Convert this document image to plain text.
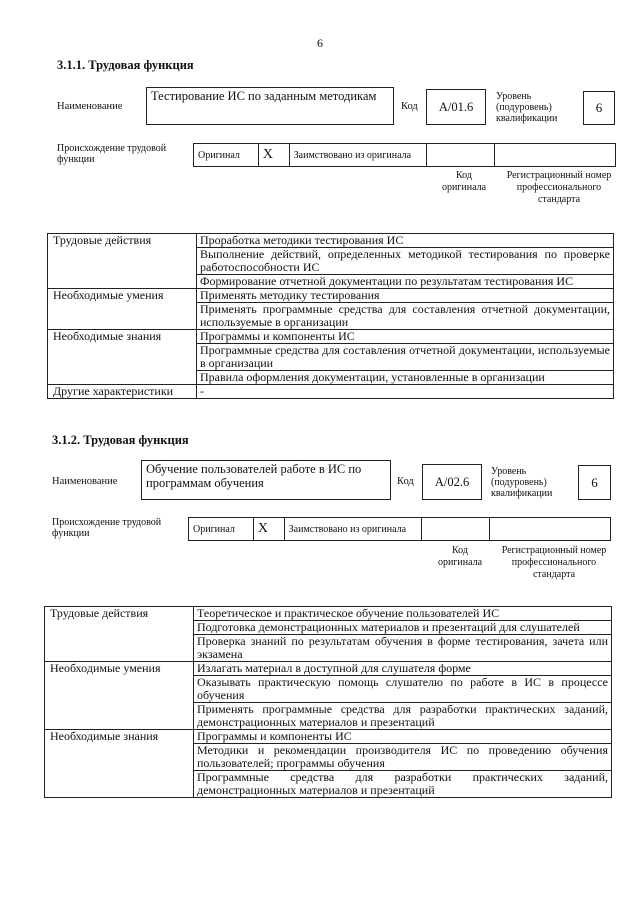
6
3.1.1. Трудовая функция
Наименование
Тестирование ИС по заданным методикам
Код	A/01.6
Уровень (подуровень) квалификации
6
Происхождение трудовой функции	Оригинал	X	Заимствовано из оригинала		
Код оригинала
Регистрационный номер профессионального стандарта
Трудовые действия	Проработка методики тестирования ИС
	Выполнение действий, определенных методикой тестирования по проверке работоспособности ИС
	Формирование отчетной документации по результатам тестирования ИС
Необходимые умения	Применять методику тестирования
	Применять программные средства для составления отчетной документации, используемые в организации
Необходимые знания	Программы и компоненты ИС
	Программные средства для составления отчетной документации, используемые в организации
	Правила оформления документации, установленные в организации
Другие характеристики	-
3.1.2. Трудовая функция
Наименование
Обучение пользователей работе в ИС по программам обучения	Код	A/02.6
Уровень (подуровень) квалификации
6
Происхождение трудовой функции	Оригинал	X	Заимствовано из оригинала		
Код оригинала
Регистрационный номер профессионального стандарта
Трудовые действия	Теоретическое и практическое обучение пользователей ИС
	Подготовка демонстрационных материалов и презентаций для слушателей
	Проверка знаний по результатам обучения в форме тестирования, зачета или экзамена
Необходимые умения	Излагать материал в доступной для слушателя форме
	Оказывать практическую помощь слушателю по работе в ИС в процессе обучения
	Применять программные средства для разработки практических заданий, демонстрационных материалов и презентаций
Необходимые знания	Программы и компоненты ИС
	Методики и рекомендации производителя ИС по проведению обучения пользователей; программы обучения
	Программные средства для разработки практических заданий, демонстрационных материалов и презентаций
